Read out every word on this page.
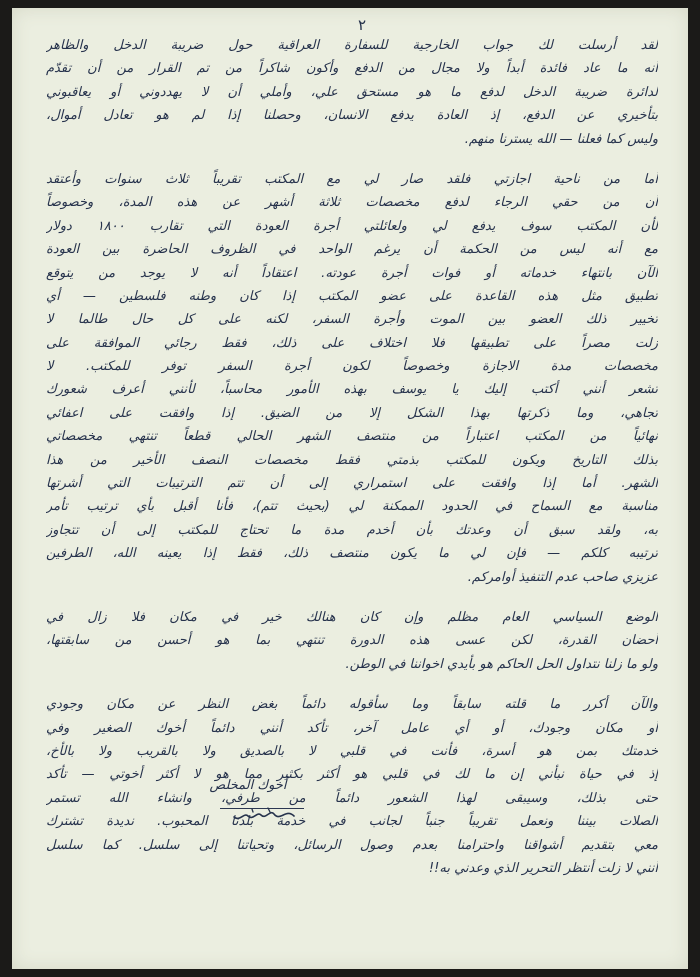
٢
لقد أرسلت لك جواب الخارجية للسفارة العراقية حول ضريبة الدخل والظاهر
أنه ما عاد فائدة أبداً ولا مجال من الدفع وأكون شاكراً من تم القرار من أن تقدّم
لدائرة ضريبة الدخل لدفع ما هو مستحق علي، وأملي أن لا يهددوني أو يعاقبوني
بتأخيري عن الدفع، إذ العادة يدفع الانسان، وحصلنا إذا لم هو تعادل أموال،
وليس كما فعلنا — الله يسترنا منهم.
أما من ناحية اجازتي فلقد صار لي مع المكتب تقريباً ثلاث سنوات وأعتقد
أن من حقي الرجاء لدفع مخصصات ثلاثة أشهر عن هذه المدة، وخصوصاً
لأن المكتب سوف يدفع لي ولعائلتي أجرة العودة التي تقارب ١٨٠٠ دولار
مع أنه ليس من الحكمة أن يرغم الواحد في الظروف الحاضرة بين العودة
الآن بانتهاء خدماته أو فوات أجرة عودته. اعتقاداً أنه لا يوجد من يتوقع
تطبيق مثل هذه القاعدة على عضو المكتب إذا كان وطنه فلسطين — أي
تخيير ذلك العضو بين الموت وأجرة السفر، لكنه على كل حال طالما لا
زلت مصراً على تطبيقها فلا اختلاف على ذلك، فقط رجائي الموافقة على
مخصصات مدة الاجازة وخصوصاً لكون أجرة السفر توفر للمكتب. لا
تشعر أنني أكتب إليك يا يوسف بهذه الأمور محاسباً، لأنني أعرف شعورك
تجاهي، وما ذكرتها بهذا الشكل إلا من الضيق. إذا وافقت على اعفائي
نهائياً من المكتب اعتباراً من منتصف الشهر الحالي قطعاً تنتهي مخصصاتي
بذلك التاريخ ويكون للمكتب بذمتي فقط مخصصات النصف الأخير من هذا
الشهر. أما إذا وافقت على استمراري إلى أن تتم الترتيبات التي أشرتها
مناسبة مع السماح في الحدود الممكنة لي (بحيث تتم)، فأنا أقبل بأي ترتيب تأمر
به، ولقد سبق أن وعدتك بأن أخدم مدة ما تحتاج للمكتب إلى أن تتجاوز
ترتيبه كلكم — فإن لي ما يكون منتصف ذلك، فقط إذا يعينه الله، الطرفين
عزيزي صاحب عدم التنفيذ أوامركم.
الوضع السياسي العام مظلم وإن كان هنالك خير في مكان فلا زال في
أحضان القدرة، لكن عسى هذه الدورة تنتهي بما هو أحسن من سابقتها،
ولو ما زلنا نتداول الحل الحاكم هو بأيدي اخواننا في الوطن.
والآن أكرر ما قلته سابقاً وما سأقوله دائماً بغض النظر عن مكان وجودي
أو مكان وجودك، أو أي عامل آخر، تأكد أنني دائماً أخوك الصغير وفي
خدمتك بمن هو أسرة، فأنت في قلبي لا بالصديق ولا بالقريب ولا بالأخ،
إذ في حياة نبأني إن ما لك في قلبي هو أكثر بكثير مما هو لا أكثر أخوتي — تأكد
حتى بذلك، وسيبقى لهذا الشعور دائماً من طرفي، وانشاء الله تستمر
الصلات بيننا ونعمل تقريباً جنباً لجانب في خدمة بلدنا المحبوب. نديدة تشترك
معي بتقديم أشواقنا واحترامنا بعدم وصول الرسائل، وتحياتنا إلى سلسل. كما سلسل
أنني لا زلت أنتظر التحرير الذي وعدني به!!
أخوك المخلص
